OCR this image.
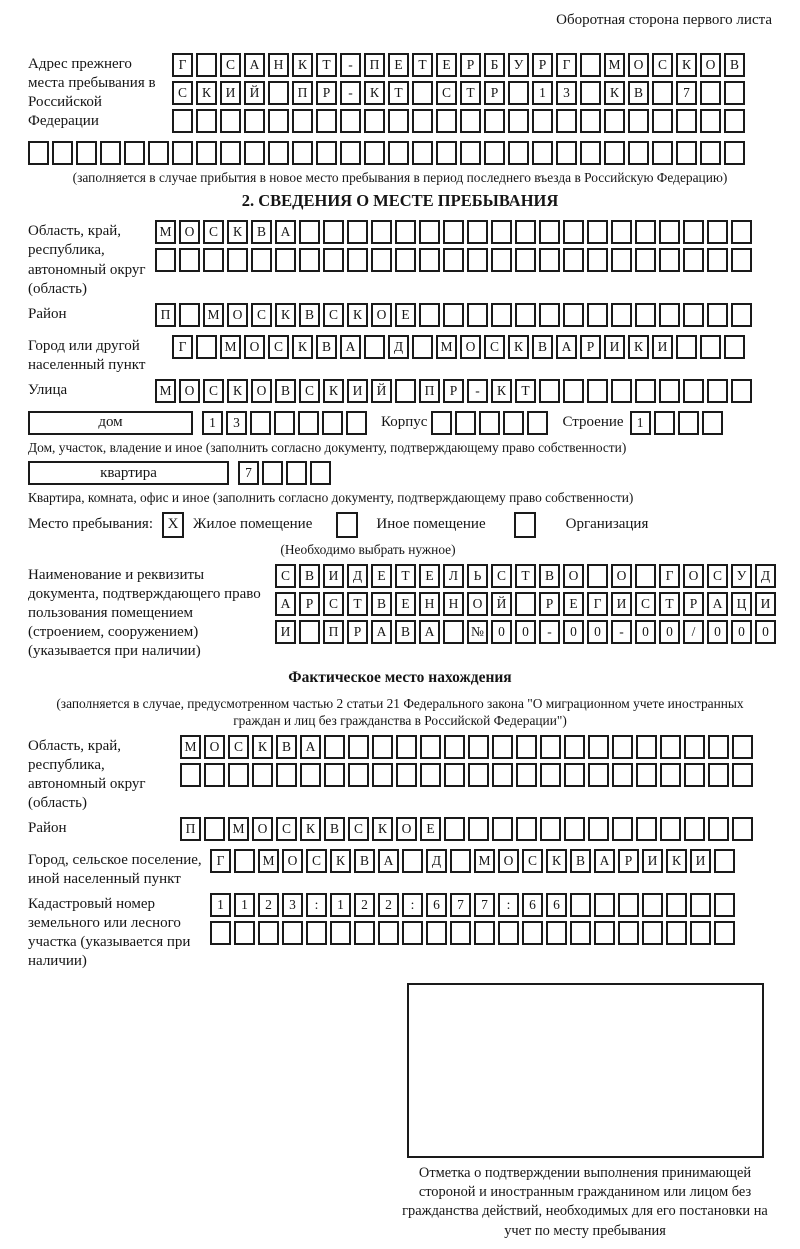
Оборотная сторона первого листа
Адрес прежнего места пребывания в Российской Федерации
Г	С	А	Н	К	Т	-	П	Е	Т	Е	Р	Б	У	Р	Г	М О	С	К	О	В
С	К	И	Й	П	Р	-	К	Т	С	Т	Р	1	3	К	В	7
(заполняется в случае прибытия в новое место пребывания в период последнего въезда в Российскую Федерацию)
2. СВЕДЕНИЯ О МЕСТЕ ПРЕБЫВАНИЯ
Область, край, республика, автономный округ (область)
М О	С	К	В	А
Район	П	М О	С	К	В	С	К	О	Е
Город или другой населенный пункт
Г	М О	С	К	В	А	Д	М О	С	К	В	А	Р	И	К	И
Улица	М О	С	К	О	В	С	К	И	Й	П	Р	-	К	Т
дом	1	3	Корпус	Строение 1
Дом, участок, владение и иное (заполнить согласно документу, подтверждающему право собственности)
квартира	7
Квартира, комната, офис и иное (заполнить согласно документу, подтверждающему право собственности)
Место пребывания: X Жилое помещение	Иное помещение	Организация
(Необходимо выбрать нужное)
Наименование и реквизиты документа, подтверждающего право пользования помещением (строением, сооружением) (указывается при наличии)
С	В	И	Д	Е	Т	Е	Л	Ь	С	Т	В	О	О	Г	О	С	У	Д
А	Р	С	Т	В	Е	Н	Н	О	Й	Р	Е	Г	И	С	Т	Р	А	Ц	И
И	П	Р	А	В	А	№	0	0	-	0	0	-	0	0	/	0	0	0
Фактическое место нахождения
(заполняется в случае, предусмотренном частью 2 статьи 21 Федерального закона "О миграционном учете иностранных граждан и лиц без гражданства в Российской Федерации")
Область, край, республика, автономный округ (область)
М О	С	К	В	А
Район	П	М О	С	К	В	С	К	О	Е
Город, сельское поселение, иной населенный пункт
Г	М О	С	К	В	А	Д	М О	С	К	В	А	Р	И	К	И
Кадастровый номер земельного или лесного участка (указывается при наличии)
1	1	2	3	:	1	2	2	:	6	7	7	:	6	6
Отметка о подтверждении выполнения принимающей стороной и иностранным гражданином или лицом без гражданства действий, необходимых для его постановки на учет по месту пребывания
